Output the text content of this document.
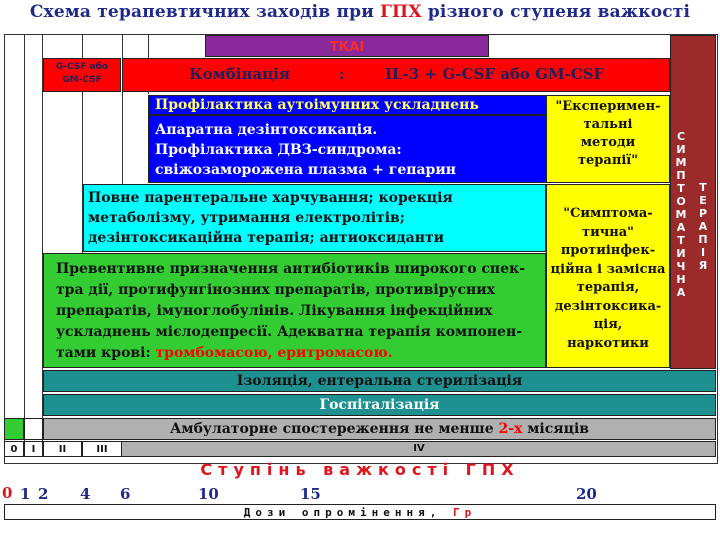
Схема терапевтичних заходів при ГПХ різного ступеня важкості
ТКАІ
G-CSF або GM-CSF	Комбінація	:	IL-3 + G-CSF або GM-CSF
Профілактика аутоімунних ускладнень
Апаратна дезінтоксикація.
Профілактика ДВЗ-синдрома:
свіжозаморожена плазма + гепарин
"Експеримен-
тальні
методи
терапії"
Повне парентеральне харчування; корекція
метаболізму, утримання електролітів;
дезінтоксикаційна терапія; антиоксиданти
Превентивне призначення антибіотиків широкого спек-
тра дії, протифунгінозних препаратів, противірусних
препаратів, імуноглобулінів. Лікування інфекційних
ускладнень мієлодепресії. Адекватна терапія компонен-
тами крові: тромбомасою, еритромасою.
"Симптома-
тична"
протиінфек-
ційна і замісна
терапія,
дезінтоксика-
ція,
наркотики
С
И
М
П
Т
О
М
А
Т
И
Ч
Н
А
Т
Е
Р
А
П
І
Я
Ізоляція, ентеральна стерилізація
Госпіталізація
Амбулаторне спостереження не менше 2-х місяців
0	I	II	III	IV
Ступінь важкості ГПХ
0 1 2 4 6	10	15	20
Дози опромінення, Гр
